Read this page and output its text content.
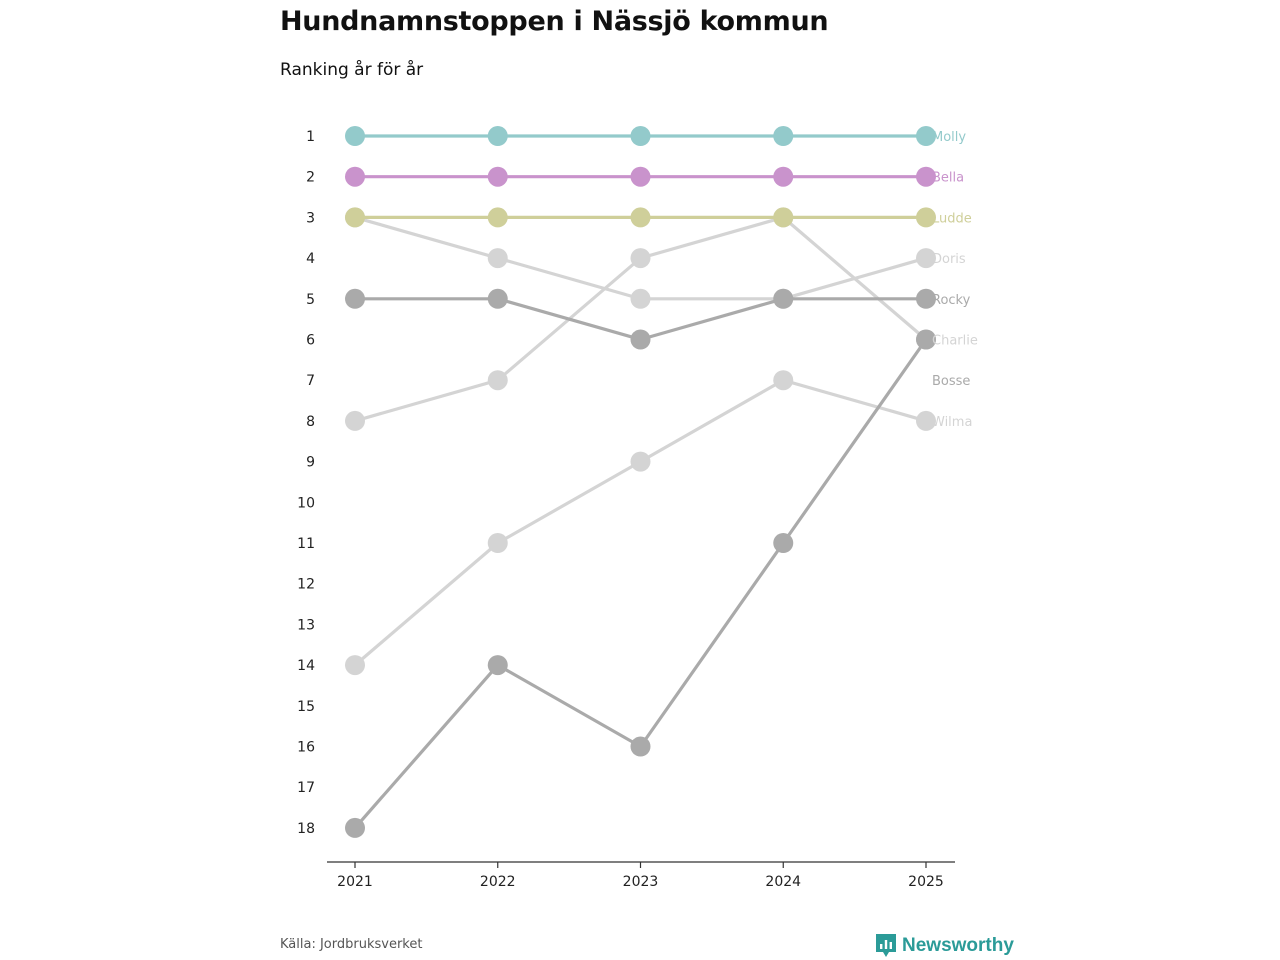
Hundnamnstoppen i Nässjö kommun

Ranking år för år

1
2
3
4
5
6
7
8
9
10
11
12
13
14
15
16
17
18
2021	2022	2023	2024	2025
Molly
Bella
Ludde
Doris
Rocky
Charlie
Bosse
Wilma
Källa: Jordbruksverket	Newsworthy
